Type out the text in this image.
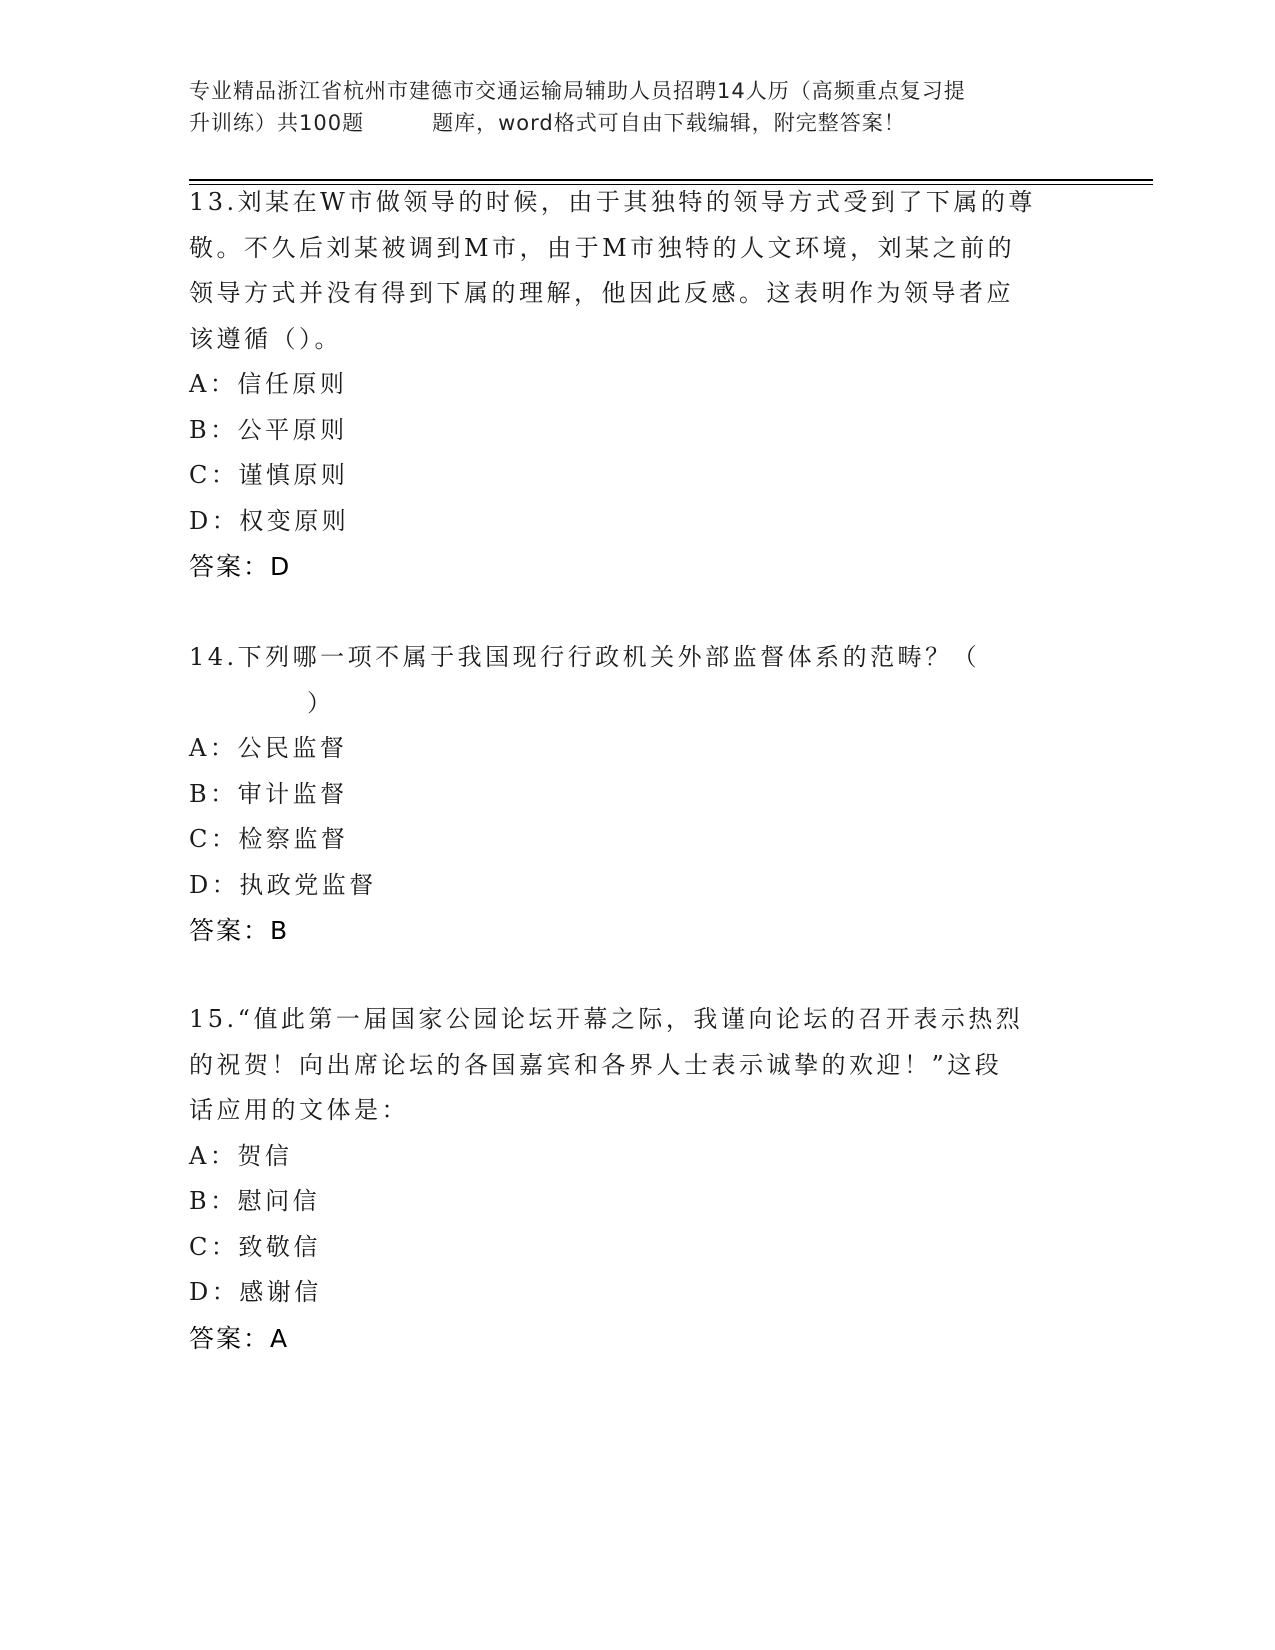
专业精品浙江省杭州市建德市交通运输局辅助人员招聘14人历（高频重点复习提
升训练）共100题	题库，word格式可自由下载编辑，附完整答案！

13.刘某在W市做领导的时候，由于其独特的领导方式受到了下属的尊

敬。不久后刘某被调到M市，由于M市独特的人文环境，刘某之前的

领导方式并没有得到下属的理解，他因此反感。这表明作为领导者应

该遵循（）。

A：信任原则

B：公平原则

C：谨慎原则

D：权变原则

答案：D

14.下列哪一项不属于我国现行行政机关外部监督体系的范畴？（

）

A：公民监督

B：审计监督

C：检察监督

D：执政党监督

答案：B

15.“值此第一届国家公园论坛开幕之际，我谨向论坛的召开表示热烈

的祝贺！向出席论坛的各国嘉宾和各界人士表示诚挚的欢迎！”这段

话应用的文体是：

A：贺信

B：慰问信

C：致敬信

D：感谢信

答案：A
